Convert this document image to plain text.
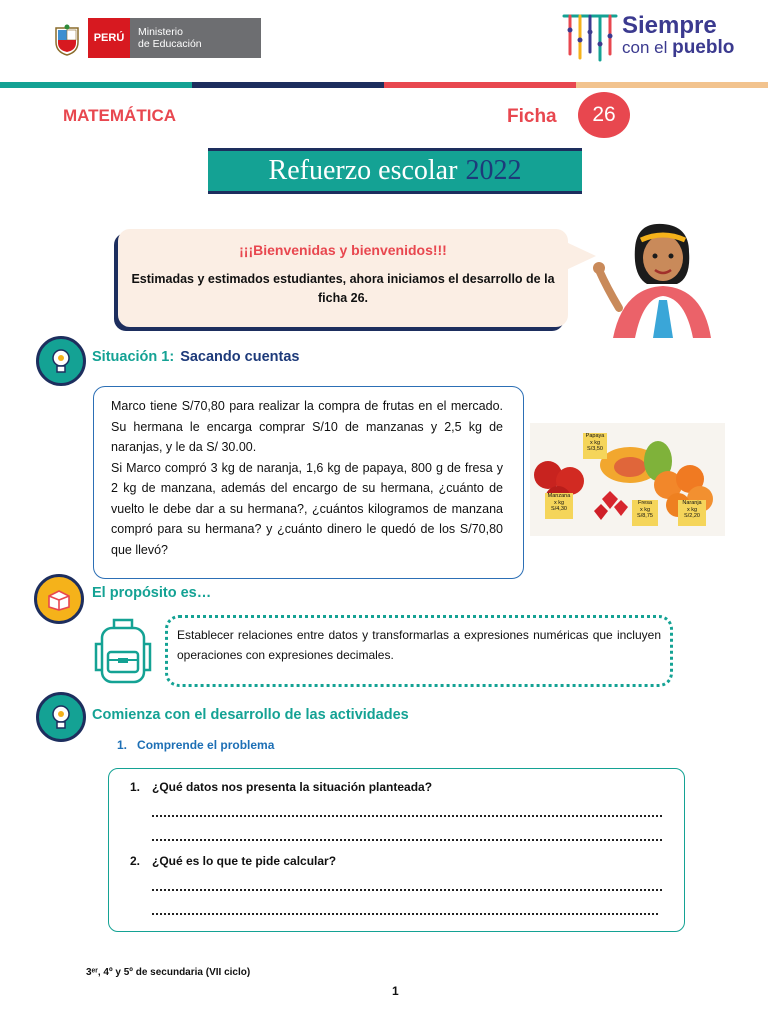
PERÚ Ministerio
de Educación
Siempre
con el pueblo
MATEMÁTICA	Ficha 26
Refuerzo escolar 2022
¡¡¡Bienvenidas y bienvenidos!!!
Estimadas y estimados estudiantes, ahora iniciamos el desarrollo de la ficha 26.
Situación 1: Sacando cuentas
Marco tiene S/70,80 para realizar la compra de frutas en el mercado. Su hermana le encarga comprar S/10 de manzanas y 2,5 kg de naranjas, y le da S/ 30.00.
Si Marco compró 3 kg de naranja, 1,6 kg de papaya, 800 g de fresa y 2 kg de manzana, además del encargo de su hermana, ¿cuánto de vuelto le debe dar a su hermana?, ¿cuántos kilogramos de manzana compró para su hermana? y ¿cuánto dinero le quedó de los S/70,80 que llevó?
Papaya
x kg
S/3,50
Manzana
x kg
S/4,30
Fresa
x kg
S/8,75
Naranja
x kg
S/2,20
El propósito es…
Establecer relaciones entre datos y transformarlas a expresiones numéricas que incluyen operaciones con expresiones decimales.
Comienza con el desarrollo de las actividades
1. Comprende el problema
1. ¿Qué datos nos presenta la situación planteada?
2. ¿Qué es lo que te pide calcular?
3ᵉʳ, 4º y 5º de secundaria (VII ciclo)
1
